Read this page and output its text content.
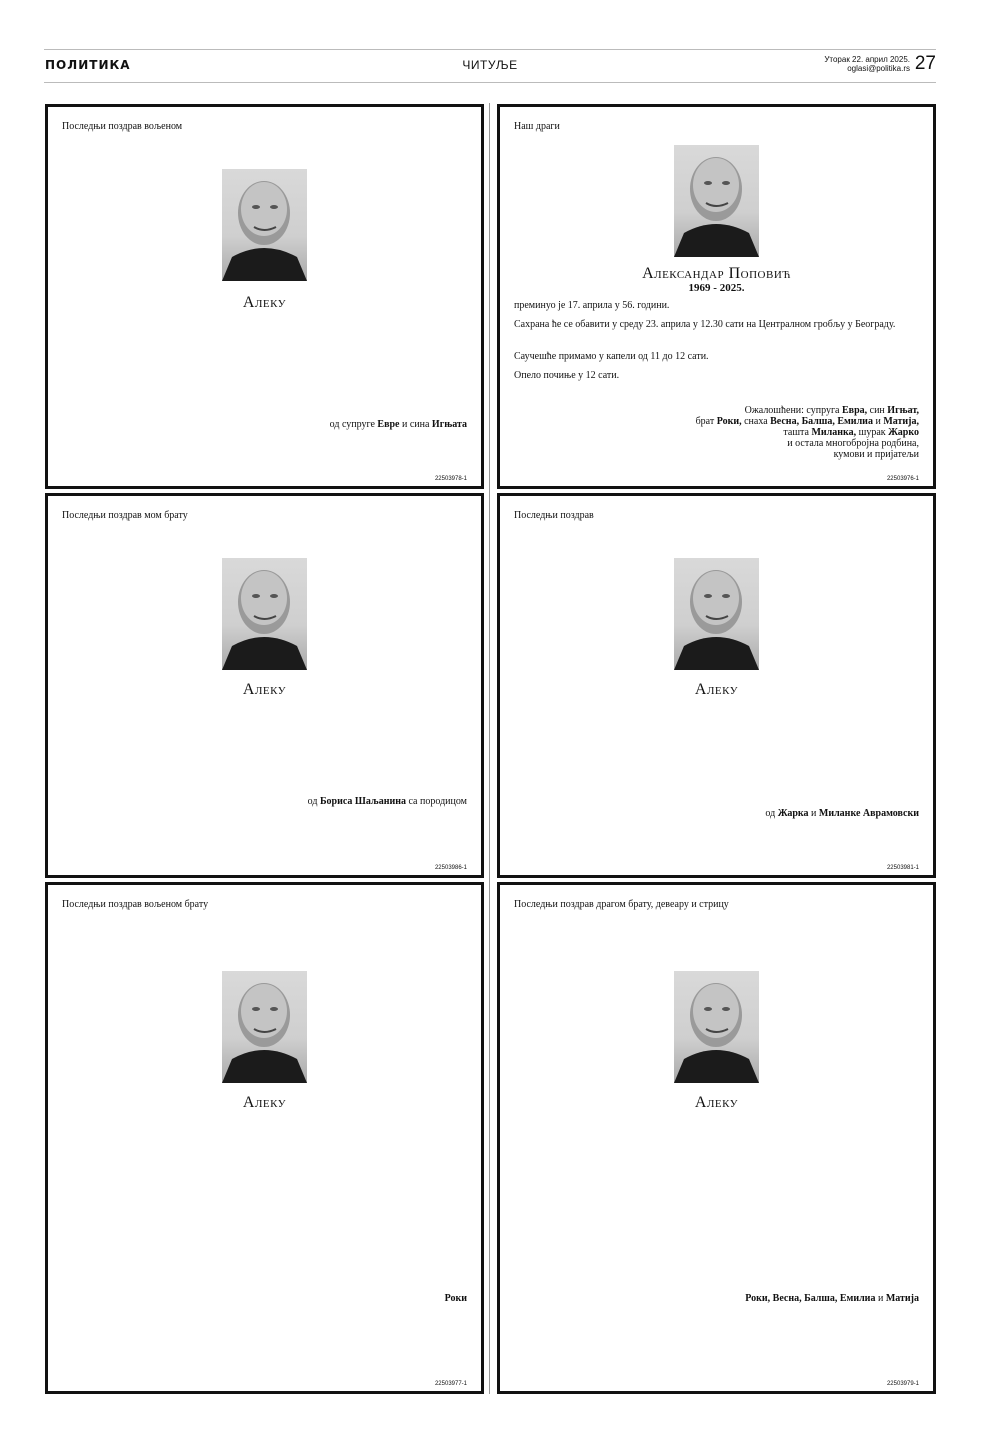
ПОЛИТИКА	ЧИТУЉЕ	Уторак 22. април 2025.
oglasi@politika.rs 27
Последњи поздрав вољеном
Алеку
од супруге Евре и сина Игњата
22503978-1
Наш драги
Александар Поповић
1969 - 2025.
преминуо је 17. априла у 56. години.
Сахрана ће се обавити у среду 23. априла у 12.30 сати на Централном гробљу у Београду.
Саучешће примамо у капели од 11 до 12 сати.
Опело почиње у 12 сати.
Ожалошћени: супруга Евра, син Игњат,
брат Роки, снаха Весна, Балша, Емилиа и Матија,
ташта Миланка, шурак Жарко
и остала многобројна родбина,
кумови и пријатељи
22503976-1
Последњи поздрав мом брату
Алеку
од Бориса Шаљанина са породицом
22503986-1
Последњи поздрав
Алеку
од Жарка и Миланке Аврамовски
22503981-1
Последњи поздрав вољеном брату
Алеку
Роки
22503977-1
Последњи поздрав драгом брату, девеару и стрицу
Алеку
Роки, Весна, Балша, Емилиа и Матија
22503979-1
